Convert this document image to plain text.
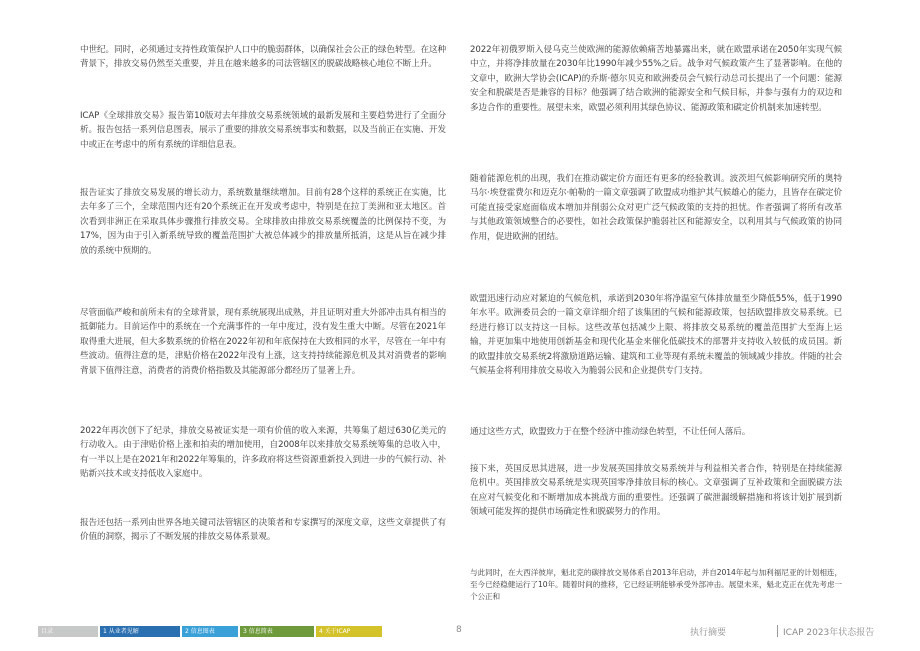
中世纪。同时，必须通过支持性政策保护人口中的脆弱群体，以确保社会公正的绿色转型。在这种背景下，排放交易仍然至关重要，并且在越来越多的司法管辖区的脱碳战略核心地位不断上升。

ICAP《全球排放交易》报告第10版对去年排放交易系统领域的最新发展和主要趋势进行了全面分析。报告包括一系列信息图表，展示了重要的排放交易系统事实和数据，以及当前正在实施、开发中或正在考虑中的所有系统的详细信息表。

报告证实了排放交易发展的增长动力，系统数量继续增加。目前有28个这样的系统正在实施，比去年多了三个，全球范围内还有20个系统正在开发或考虑中，特别是在拉丁美洲和亚太地区。首次看到非洲正在采取具体步骤推行排放交易。全球排放由排放交易系统覆盖的比例保持不变，为17%，因为由于引入新系统导致的覆盖范围扩大被总体减少的排放量所抵消，这是从旨在减少排放的系统中预期的。

尽管面临严峻和前所未有的全球背景，现有系统展现出成熟，并且证明对重大外部冲击具有相当的抵御能力。目前运作中的系统在一个充满事件的一年中度过，没有发生重大中断。尽管在2021年取得重大进展，但大多数系统的价格在2022年初和年底保持在大致相同的水平，尽管在一年中有些波动。值得注意的是，津贴价格在2022年没有上涨，这支持持续能源危机及其对消费者的影响背景下值得注意，消费者的消费价格指数及其能源部分都经历了显著上升。

2022年再次创下了纪录，排放交易被证实是一项有价值的收入来源，共筹集了超过630亿美元的行动收入。由于津贴价格上涨和拍卖的增加使用，自2008年以来排放交易系统筹集的总收入中，有一半以上是在2021年和2022年筹集的，许多政府将这些资源重新投入到进一步的气候行动、补贴新兴技术或支持低收入家庭中。

报告还包括一系列由世界各地关键司法管辖区的决策者和专家撰写的深度文章，这些文章提供了有价值的洞察，揭示了不断发展的排放交易体系景观。

2022年初俄罗斯入侵乌克兰使欧洲的能源依赖痛苦地暴露出来，就在欧盟承诺在2050年实现气候中立，并将净排放量在2030年比1990年减少55%之后。战争对气候政策产生了显著影响。在他的文章中，欧洲大学协会(ICAP)的乔斯·德尔贝克和欧洲委员会气候行动总司长提出了一个问题：能源安全和脱碳是否是兼容的目标？他强调了结合欧洲的能源安全和气候目标，并参与强有力的双边和多边合作的重要性。展望未来，欧盟必须利用其绿色协议、能源政策和碳定价机制来加速转型。

随着能源危机的出现，我们在推动碳定价方面还有更多的经验教训。波茨坦气候影响研究所的奥特马尔·埃登霍费尔和迈克尔·帕勒的一篇文章强调了欧盟成功维护其气候雄心的能力，且皆存在碳定价可能直接受家庭面临成本增加并削弱公众对更广泛气候政策的支持的担忧。作者强调了将所有改革与其他政策领域整合的必要性，如社会政策保护脆弱社区和能源安全，以利用其与气候政策的协同作用，促进欧洲的团结。

欧盟迅速行动应对紧迫的气候危机，承诺到2030年将净温室气体排放量至少降低55%，低于1990年水平。欧洲委员会的一篇文章详细介绍了该集团的气候和能源政策，包括欧盟排放交易系统。已经进行修订以支持这一目标。这些改革包括减少上限、将排放交易系统的覆盖范围扩大至海上运输，并更加集中地使用创新基金和现代化基金来催化低碳技术的部署并支持收入较低的成员国。新的欧盟排放交易系统2将激励道路运输、建筑和工业等现有系统未覆盖的领域减少排放。伴随的社会气候基金将利用排放交易收入为脆弱公民和企业提供专门支持。

通过这些方式，欧盟致力于在整个经济中推动绿色转型，不让任何人落后。

接下来，英国反思其进展，进一步发展英国排放交易系统并与利益相关者合作，特别是在持续能源危机中。英国排放交易系统是实现英国零净排放目标的核心。文章强调了互补政策和全面脱碳方法在应对气候变化和不断增加成本挑战方面的重要性。还强调了碳泄漏缓解措施和将该计划扩展到新领域可能发挥的提供市场确定性和脱碳努力的作用。

与此同时，在大西洋彼岸，魁北克的碳排放交易体系自2013年启动，并自2014年起与加利福尼亚的计划相连，至今已经稳健运行了10年。随着时间的推移，它已经证明能够承受外部冲击。展望未来，魁北克正在优先考虑一个公正和

目录	1 从业者见解	2 信息图表	3 信息简表	4 关于ICAP	8	执行摘要	ICAP 2023年状态报告
